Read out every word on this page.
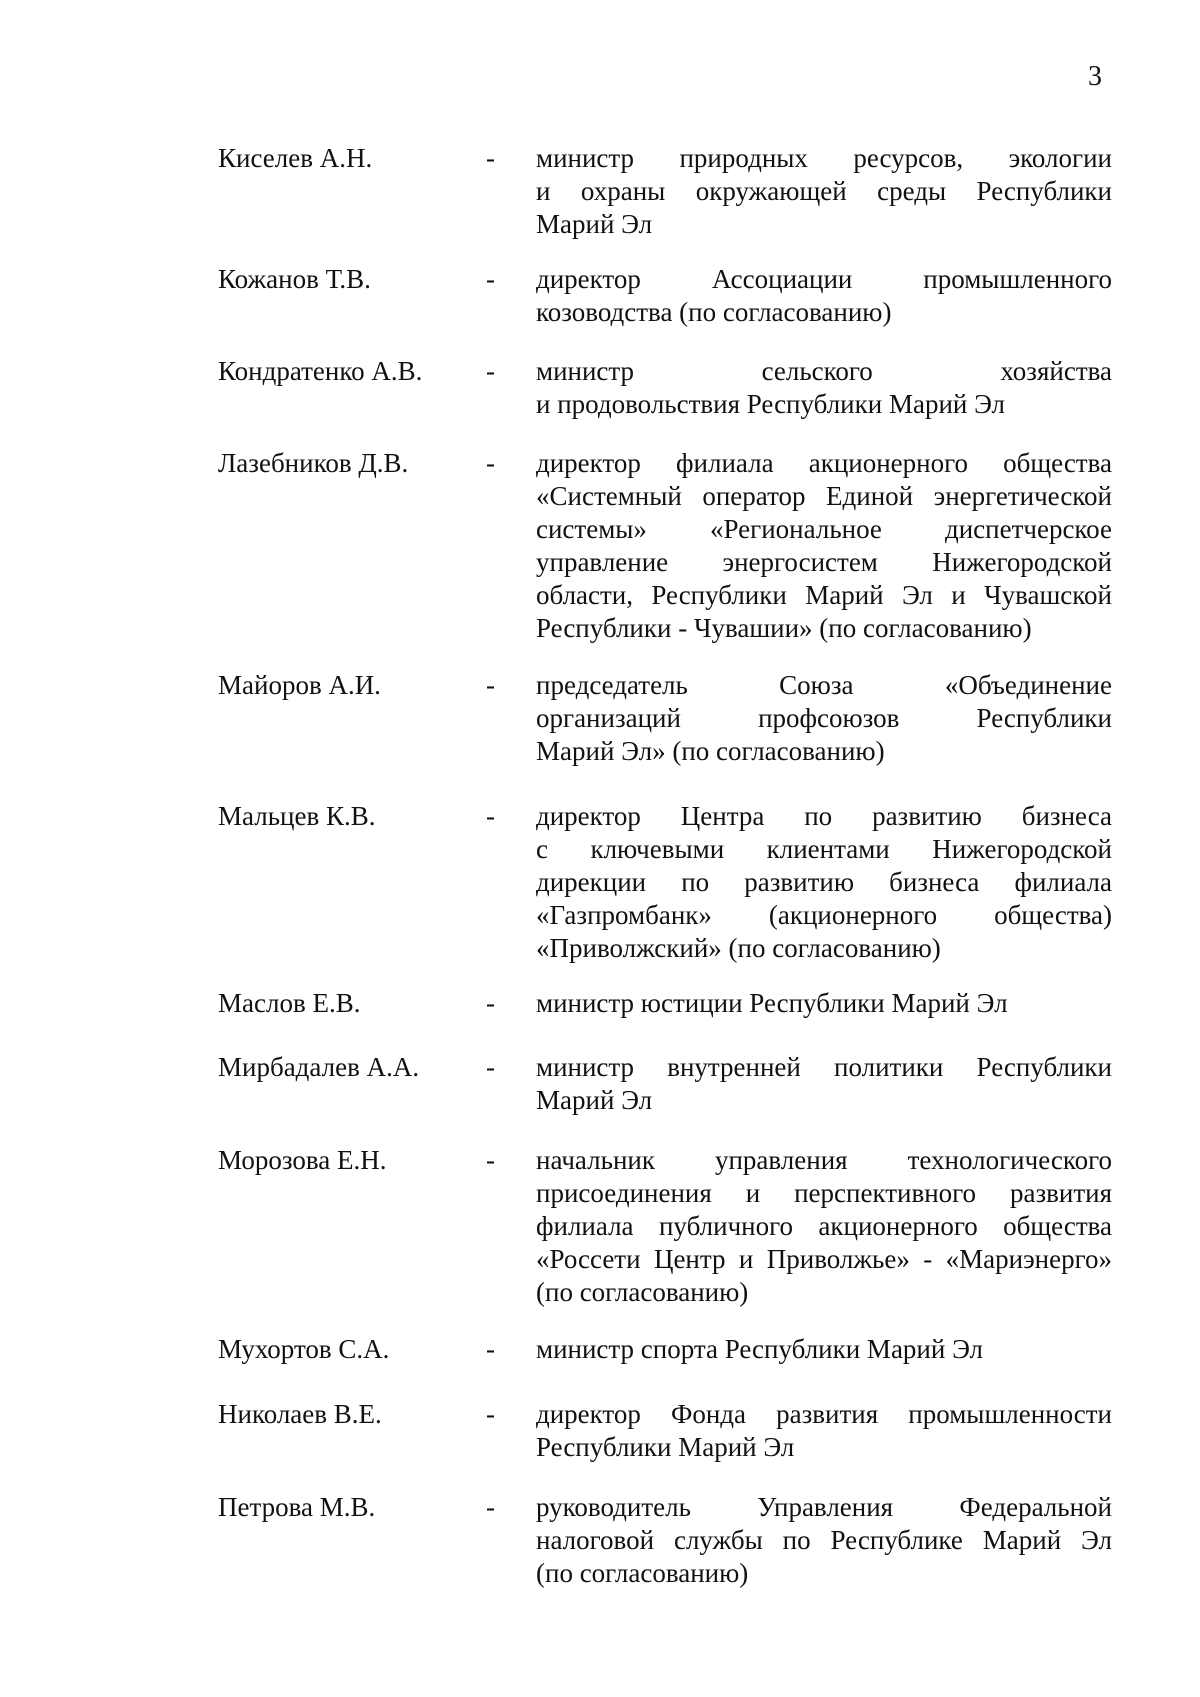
3
Киселев А.Н.	- министр природных ресурсов, экологии
и охраны окружающей среды Республики
Марий Эл
Кожанов Т.В.	- директор Ассоциации промышленного
козоводства (по согласованию)
Кондратенко А.В. - министр сельского хозяйства
и продовольствия Республики Марий Эл
Лазебников Д.В.	- директор филиала акционерного общества
«Системный оператор Единой энергетической
системы» «Региональное диспетчерское
управление энергосистем Нижегородской
области, Республики Марий Эл и Чувашской
Республики - Чувашии» (по согласованию)
Майоров А.И.	- председатель Союза «Объединение
организаций профсоюзов Республики
Марий Эл» (по согласованию)
Мальцев К.В.	- директор Центра по развитию бизнеса
с ключевыми клиентами Нижегородской
дирекции по развитию бизнеса филиала
«Газпромбанк» (акционерного общества)
«Приволжский» (по согласованию)
Маслов Е.В.	- министр юстиции Республики Марий Эл
Мирбадалев А.А. - министр внутренней политики Республики
Марий Эл
Морозова Е.Н.	- начальник управления технологического
присоединения и перспективного развития
филиала публичного акционерного общества
«Россети Центр и Приволжье» - «Мариэнерго»
(по согласованию)
Мухортов С.А.	- министр спорта Республики Марий Эл
Николаев В.Е.	- директор Фонда развития промышленности
Республики Марий Эл
Петрова М.В.	- руководитель Управления Федеральной
налоговой службы по Республике Марий Эл
(по согласованию)
